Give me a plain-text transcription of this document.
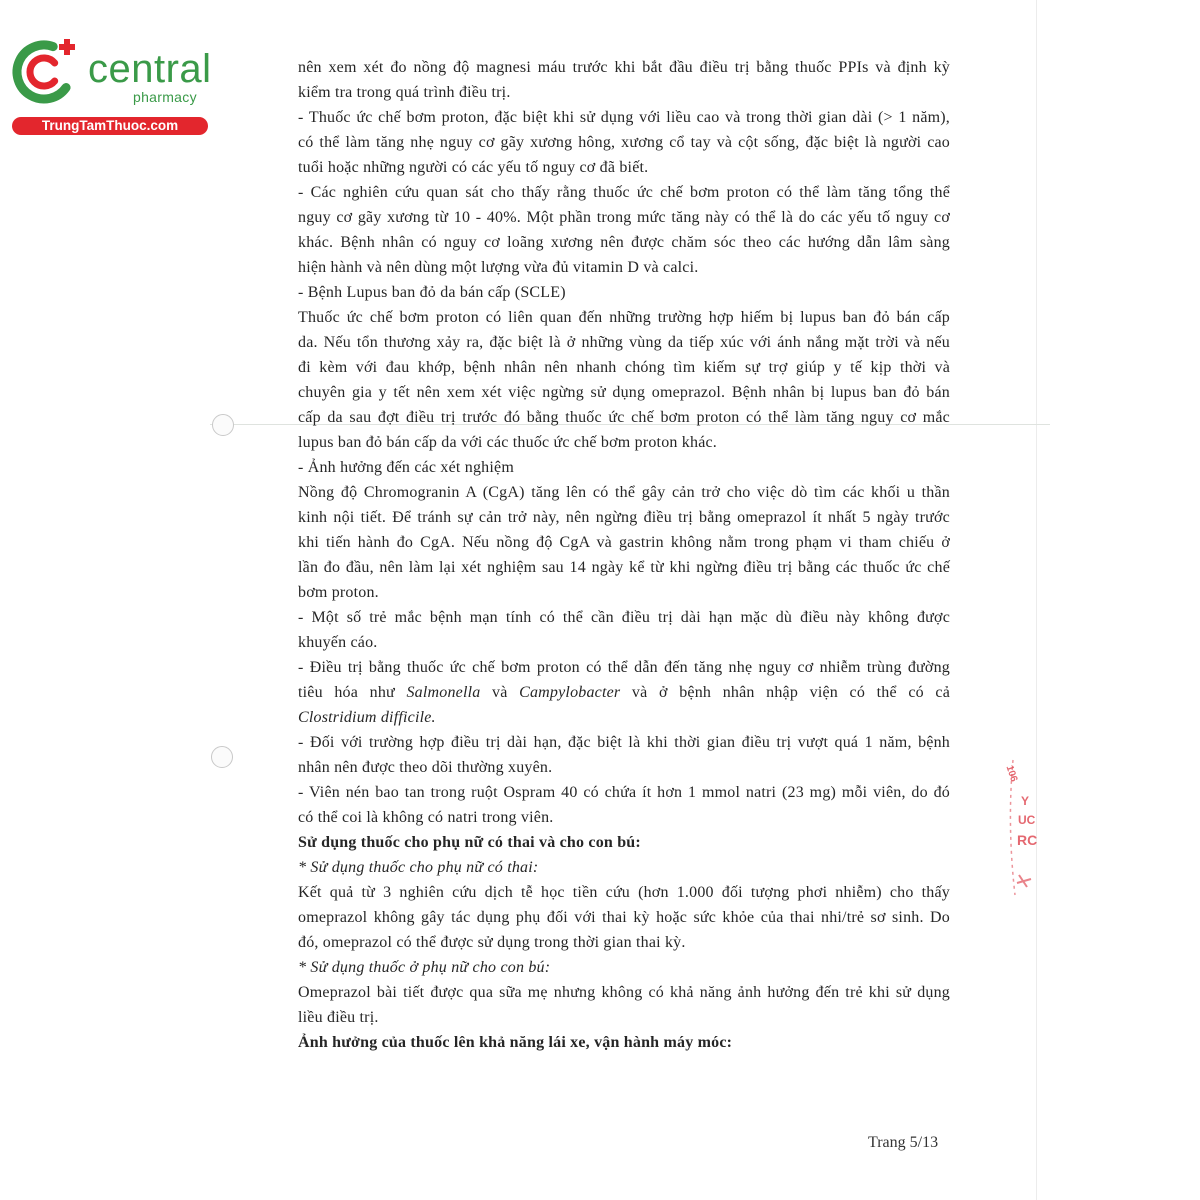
central
pharmacy
TrungTamThuoc.com
nên xem xét đo nồng độ magnesi máu trước khi bắt đầu điều trị bằng thuốc PPIs và định kỳ
kiểm tra trong quá trình điều trị.
- Thuốc ức chế bơm proton, đặc biệt khi sử dụng với liều cao và trong thời gian dài (> 1 năm),
có thể làm tăng nhẹ nguy cơ gãy xương hông, xương cổ tay và cột sống, đặc biệt là người cao
tuổi hoặc những người có các yếu tố nguy cơ đã biết.
- Các nghiên cứu quan sát cho thấy rằng thuốc ức chế bơm proton có thể làm tăng tổng thể
nguy cơ gãy xương từ 10 - 40%. Một phần trong mức tăng này có thể là do các yếu tố nguy cơ
khác. Bệnh nhân có nguy cơ loãng xương nên được chăm sóc theo các hướng dẫn lâm sàng
hiện hành và nên dùng một lượng vừa đủ vitamin D và calci.
- Bệnh Lupus ban đỏ da bán cấp (SCLE)
Thuốc ức chế bơm proton có liên quan đến những trường hợp hiếm bị lupus ban đỏ bán cấp
da. Nếu tổn thương xảy ra, đặc biệt là ở những vùng da tiếp xúc với ánh nắng mặt trời và nếu
đi kèm với đau khớp, bệnh nhân nên nhanh chóng tìm kiếm sự trợ giúp y tế kịp thời và
chuyên gia y tết nên xem xét việc ngừng sử dụng omeprazol. Bệnh nhân bị lupus ban đỏ bán
cấp da sau đợt điều trị trước đó bằng thuốc ức chế bơm proton có thể làm tăng nguy cơ mắc
lupus ban đỏ bán cấp da với các thuốc ức chế bơm proton khác.
- Ảnh hưởng đến các xét nghiệm
Nồng độ Chromogranin A (CgA) tăng lên có thể gây cản trở cho việc dò tìm các khối u thần
kinh nội tiết. Để tránh sự cản trở này, nên ngừng điều trị bằng omeprazol ít nhất 5 ngày trước
khi tiến hành đo CgA. Nếu nồng độ CgA và gastrin không nằm trong phạm vi tham chiếu ở
lần đo đầu, nên làm lại xét nghiệm sau 14 ngày kể từ khi ngừng điều trị bằng các thuốc ức chế
bơm proton.
- Một số trẻ mắc bệnh mạn tính có thể cần điều trị dài hạn mặc dù điều này không được
khuyến cáo.
- Điều trị bằng thuốc ức chế bơm proton có thể dẫn đến tăng nhẹ nguy cơ nhiễm trùng đường
tiêu hóa như Salmonella và Campylobacter và ở bệnh nhân nhập viện có thể có cả
Clostridium difficile.
- Đối với trường hợp điều trị dài hạn, đặc biệt là khi thời gian điều trị vượt quá 1 năm, bệnh
nhân nên được theo dõi thường xuyên.
- Viên nén bao tan trong ruột Ospram 40 có chứa ít hơn 1 mmol natri (23 mg) mỗi viên, do đó
có thể coi là không có natri trong viên.
Sử dụng thuốc cho phụ nữ có thai và cho con bú:
* Sử dụng thuốc cho phụ nữ có thai:
Kết quả từ 3 nghiên cứu dịch tễ học tiền cứu (hơn 1.000 đối tượng phơi nhiễm) cho thấy
omeprazol không gây tác dụng phụ đối với thai kỳ hoặc sức khỏe của thai nhi/trẻ sơ sinh. Do
đó, omeprazol có thể được sử dụng trong thời gian thai kỳ.
* Sử dụng thuốc ở phụ nữ cho con bú:
Omeprazol bài tiết được qua sữa mẹ nhưng không có khả năng ảnh hưởng đến trẻ khi sử dụng
liều điều trị.
Ảnh hưởng của thuốc lên khả năng lái xe, vận hành máy móc:
Trang 5/13
106
Y
UC
RC
